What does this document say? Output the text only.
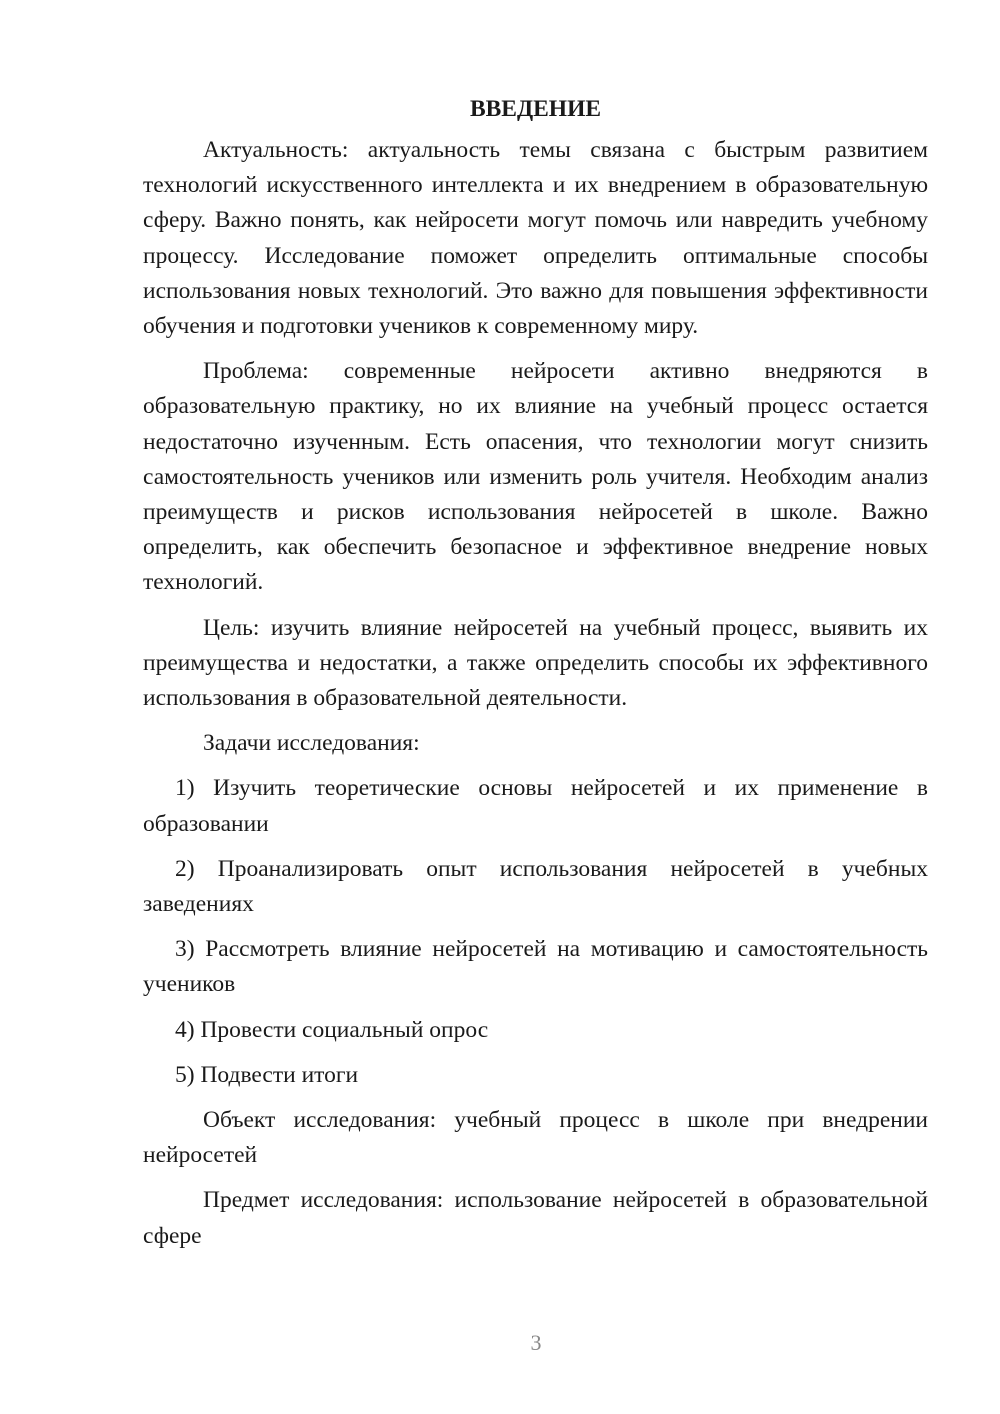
ВВЕДЕНИЕ

Актуальность: актуальность темы связана с быстрым развитием технологий искусственного интеллекта и их внедрением в образовательную сферу. Важно понять, как нейросети могут помочь или навредить учебному процессу. Исследование поможет определить оптимальные способы использования новых технологий. Это важно для повышения эффективности обучения и подготовки учеников к современному миру.

Проблема: современные нейросети активно внедряются в образовательную практику, но их влияние на учебный процесс остается недостаточно изученным. Есть опасения, что технологии могут снизить самостоятельность учеников или изменить роль учителя. Необходим анализ преимуществ и рисков использования нейросетей в школе. Важно определить, как обеспечить безопасное и эффективное внедрение новых технологий.

Цель: изучить влияние нейросетей на учебный процесс, выявить их преимущества и недостатки, а также определить способы их эффективного использования в образовательной деятельности.

Задачи исследования:

1) Изучить теоретические основы нейросетей и их применение в образовании

2) Проанализировать опыт использования нейросетей в учебных заведениях

3) Рассмотреть влияние нейросетей на мотивацию и самостоятельность учеников

4) Провести социальный опрос

5) Подвести итоги

Объект исследования: учебный процесс в школе при внедрении нейросетей

Предмет исследования: использование нейросетей в образовательной сфере

3
